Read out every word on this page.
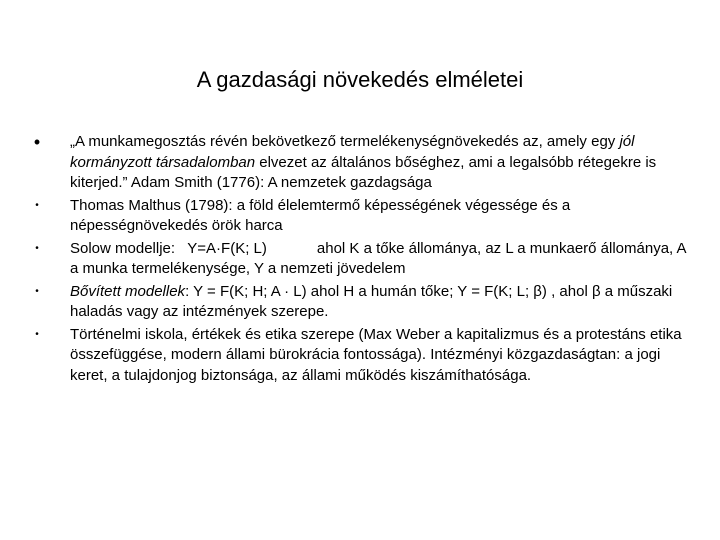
A gazdasági növekedés elméletei
• „A munkamegosztás révén bekövetkező termelékenységnövekedés az, amely egy jól kormányzott társadalomban elvezet az általános bőséghez, ami a legalsóbb rétegekre is kiterjed.” Adam Smith (1776): A nemzetek gazdagsága
•	Thomas Malthus (1798): a föld élelemtermő képességének végessége és a népességnövekedés örök harca
•	Solow modellje:   Y=A·F(K; L)            ahol K a tőke állománya, az L a munkaerő állománya, A a munka termelékenysége, Y a nemzeti jövedelem
•	Bővített modellek: Y = F(K; H; A · L) ahol H a humán tőke; Y = F(K; L; β) , ahol β a műszaki haladás vagy az intézmények szerepe.
•	Történelmi iskola, értékek és etika szerepe (Max Weber a kapitalizmus és a protestáns etika összefüggése, modern állami bürokrácia fontossága). Intézményi közgazdaságtan: a jogi keret, a tulajdonjog biztonsága, az állami működés kiszámíthatósága.
